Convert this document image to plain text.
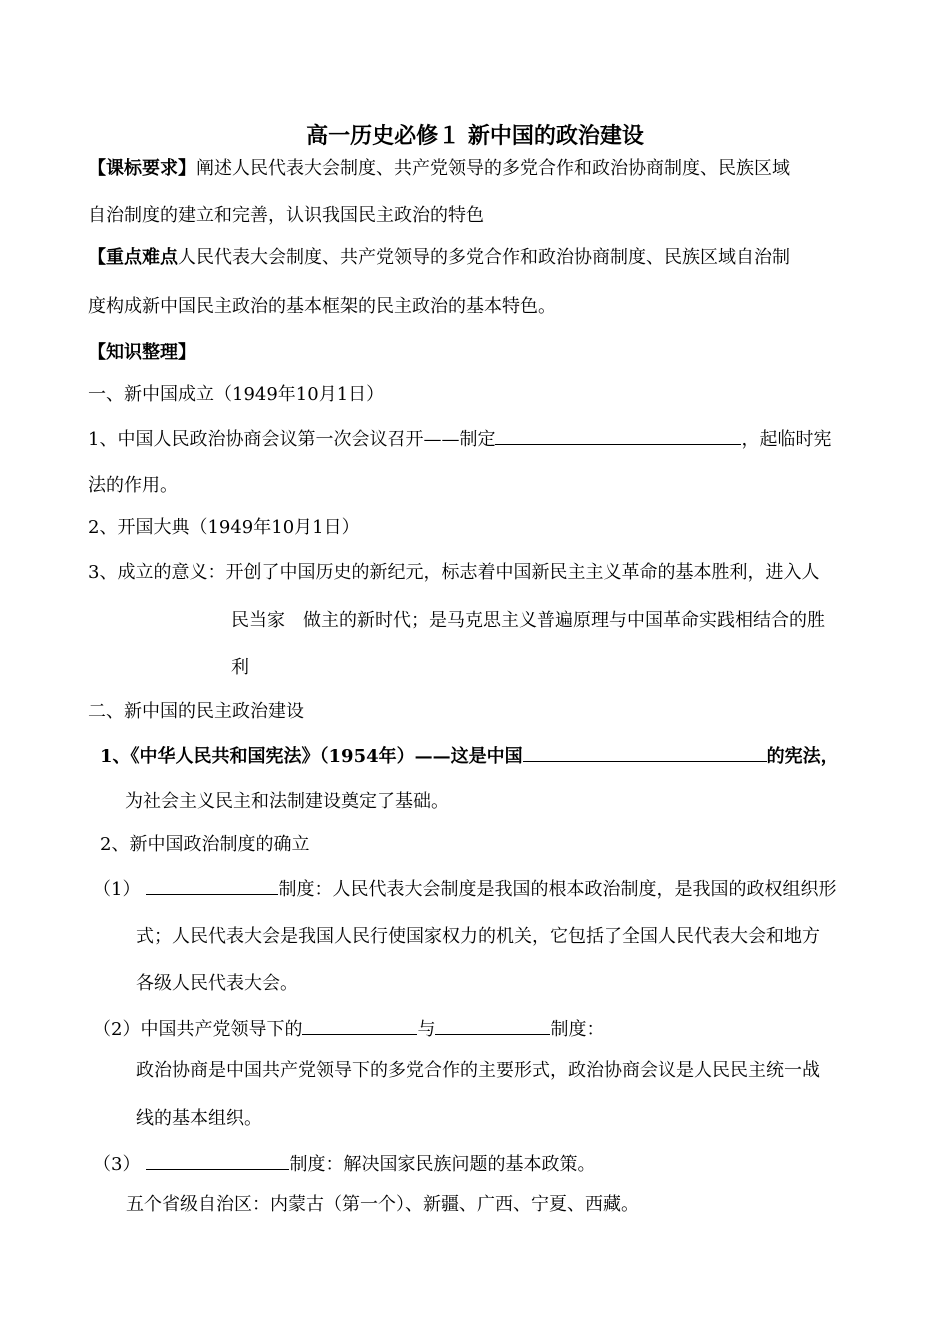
高一历史必修１ 新中国的政治建设
【课标要求】阐述人民代表大会制度、共产党领导的多党合作和政治协商制度、民族区域
自治制度的建立和完善，认识我国民主政治的特色
【重点难点人民代表大会制度、共产党领导的多党合作和政治协商制度、民族区域自治制
度构成新中国民主政治的基本框架的民主政治的基本特色。
【知识整理】
一、新中国成立（1949年10月1日）
1、中国人民政治协商会议第一次会议召开——制定	，起临时宪
法的作用。
2、开国大典（1949年10月1日）
3、成立的意义：开创了中国历史的新纪元，标志着中国新民主主义革命的基本胜利，进入人
民当家　做主的新时代；是马克思主义普遍原理与中国革命实践相结合的胜
利
二、新中国的民主政治建设
1、《中华人民共和国宪法》（1954年）——这是中国	的宪法，
为社会主义民主和法制建设奠定了基础。
2、新中国政治制度的确立
（1）	制度：人民代表大会制度是我国的根本政治制度，是我国的政权组织形
式；人民代表大会是我国人民行使国家权力的机关，它包括了全国人民代表大会和地方
各级人民代表大会。
（2）中国共产党领导下的	与	制度：
政治协商是中国共产党领导下的多党合作的主要形式，政治协商会议是人民民主统一战
线的基本组织。
（3）	制度：解决国家民族问题的基本政策。
五个省级自治区：内蒙古（第一个）、新疆、广西、宁夏、西藏。
